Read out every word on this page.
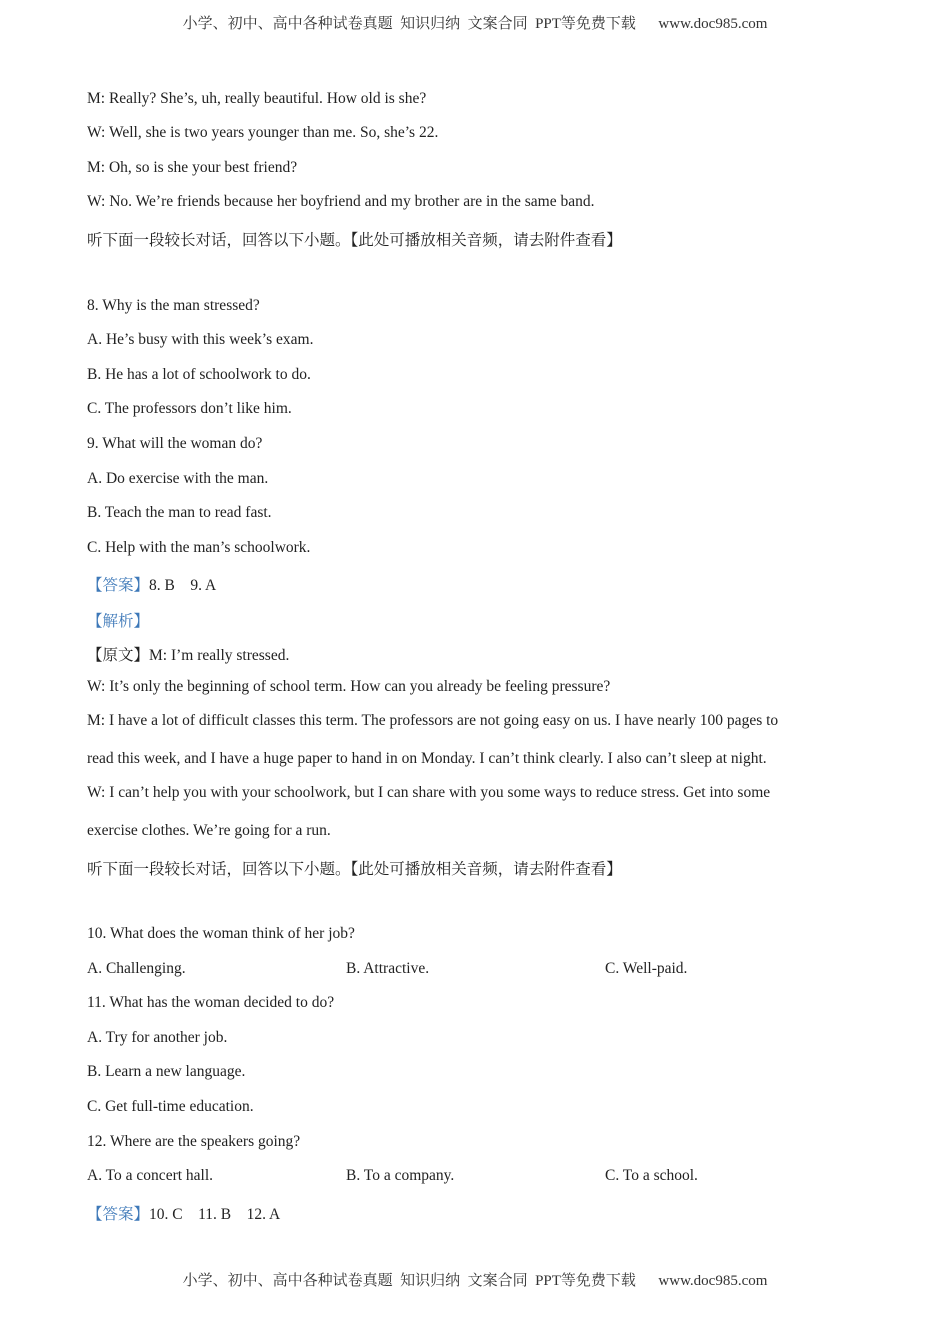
小学、初中、高中各种试卷真题  知识归纳  文案合同  PPT等免费下载      www.doc985.com
M: Really? She’s, uh, really beautiful. How old is she?
W: Well, she is two years younger than me. So, she’s 22.
M: Oh, so is she your best friend?
W: No. We’re friends because her boyfriend and my brother are in the same band.
听下面一段较长对话，回答以下小题。【此处可播放相关音频，请去附件查看】
8. Why is the man stressed?
A. He’s busy with this week’s exam.
B. He has a lot of schoolwork to do.
C. The professors don’t like him.
9. What will the woman do?
A. Do exercise with the man.
B. Teach the man to read fast.
C. Help with the man’s schoolwork.
【答案】8. B    9. A
【解析】
【原文】M: I’m really stressed.
W: It’s only the beginning of school term. How can you already be feeling pressure?
M: I have a lot of difficult classes this term. The professors are not going easy on us. I have nearly 100 pages to
read this week, and I have a huge paper to hand in on Monday. I can’t think clearly. I also can’t sleep at night.
W: I can’t help you with your schoolwork, but I can share with you some ways to reduce stress. Get into some
exercise clothes. We’re going for a run.
听下面一段较长对话，回答以下小题。【此处可播放相关音频，请去附件查看】
10. What does the woman think of her job?
A. Challenging.	B. Attractive.	C. Well-paid.
11. What has the woman decided to do?
A. Try for another job.
B. Learn a new language.
C. Get full-time education.
12. Where are the speakers going?
A. To a concert hall.	B. To a company.	C. To a school.
【答案】10. C    11. B    12. A
小学、初中、高中各种试卷真题  知识归纳  文案合同  PPT等免费下载      www.doc985.com
